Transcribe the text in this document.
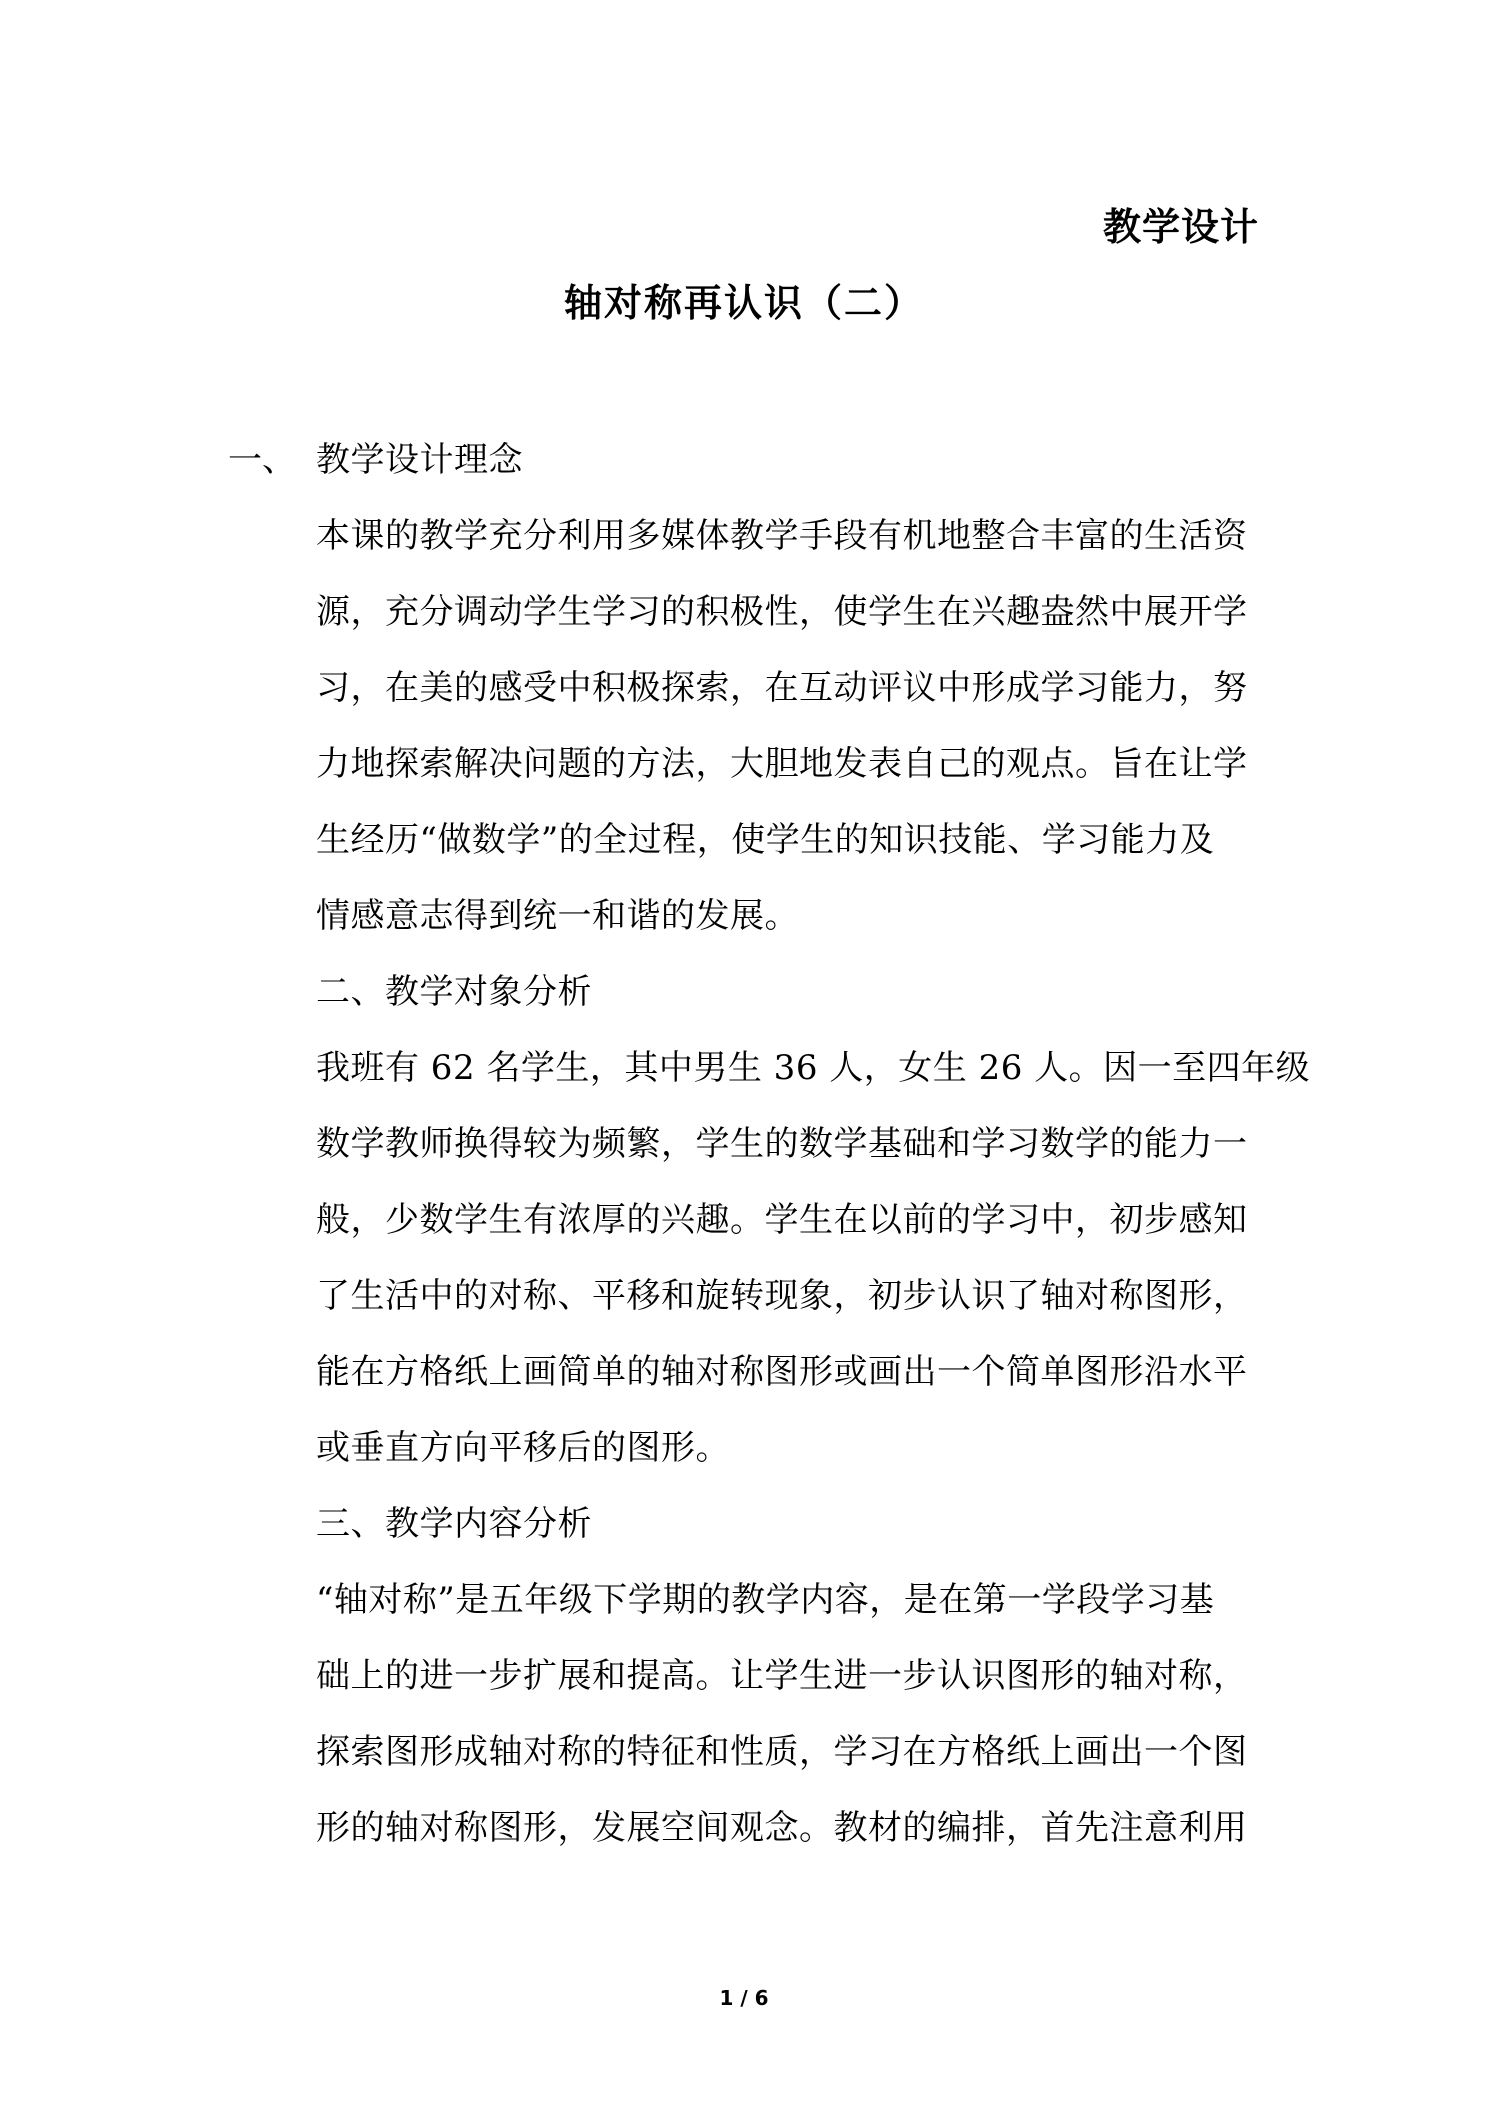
教学设计
轴对称再认识（二）
一、 教学设计理念
本课的教学充分利用多媒体教学手段有机地整合丰富的生活资
源，充分调动学生学习的积极性，使学生在兴趣盎然中展开学
习，在美的感受中积极探索，在互动评议中形成学习能力，努
力地探索解决问题的方法，大胆地发表自己的观点。旨在让学
生经历“做数学”的全过程，使学生的知识技能、学习能力及
情感意志得到统一和谐的发展。
二、教学对象分析
我班有 62 名学生，其中男生 36 人，女生 26 人。因一至四年级
数学教师换得较为频繁，学生的数学基础和学习数学的能力一
般，少数学生有浓厚的兴趣。学生在以前的学习中，初步感知
了生活中的对称、平移和旋转现象，初步认识了轴对称图形，
能在方格纸上画简单的轴对称图形或画出一个简单图形沿水平
或垂直方向平移后的图形。
三、教学内容分析
“轴对称”是五年级下学期的教学内容，是在第一学段学习基
础上的进一步扩展和提高。让学生进一步认识图形的轴对称，
探索图形成轴对称的特征和性质，学习在方格纸上画出一个图
形的轴对称图形，发展空间观念。教材的编排，首先注意利用
1 / 6
